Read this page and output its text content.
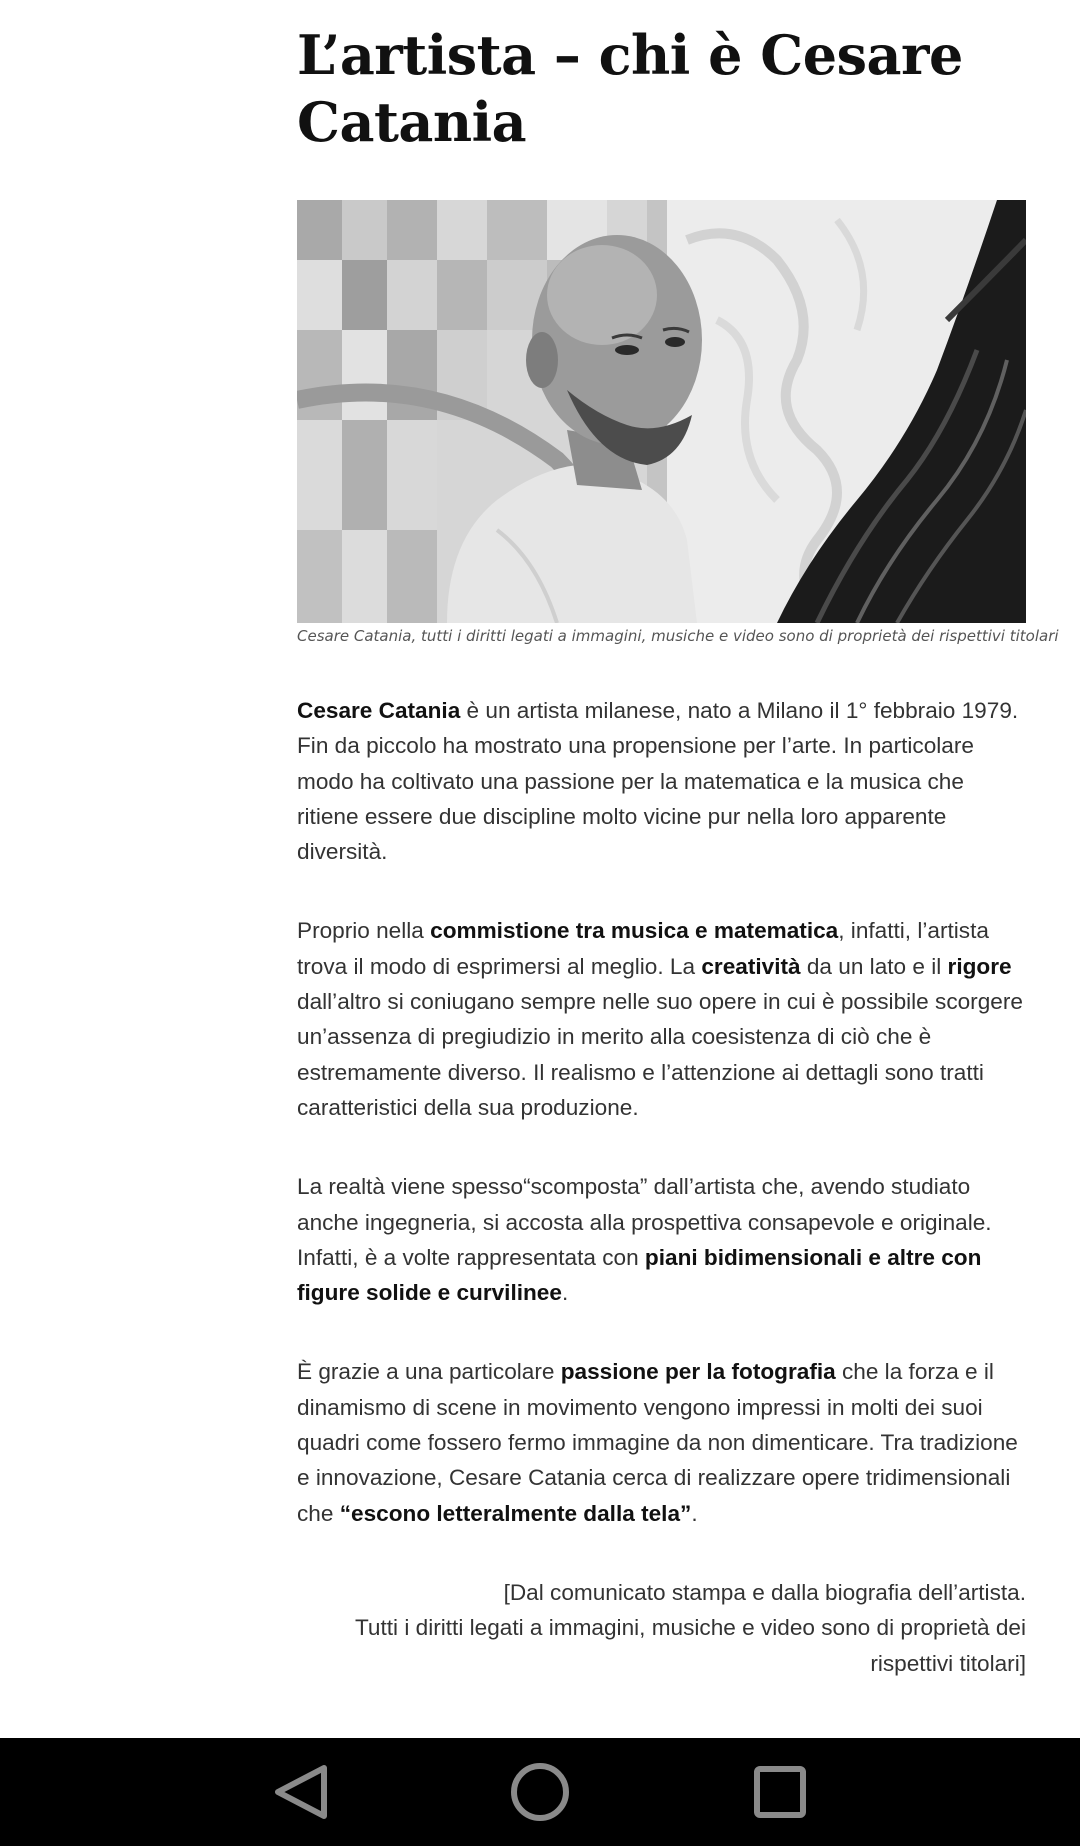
L’artista – chi è Cesare Catania
Cesare Catania, tutti i diritti legati a immagini, musiche e video sono di proprietà dei rispettivi titolari

Cesare Catania è un artista milanese, nato a Milano il 1° febbraio 1979. Fin da piccolo ha mostrato una propensione per l’arte. In particolare modo ha coltivato una passione per la matematica e la musica che ritiene essere due discipline molto vicine pur nella loro apparente diversità.

Proprio nella commistione tra musica e matematica, infatti, l’artista trova il modo di esprimersi al meglio. La creatività da un lato e il rigore dall’altro si coniugano sempre nelle suo opere in cui è possibile scorgere un’assenza di pregiudizio in merito alla coesistenza di ciò che è estremamente diverso. Il realismo e l’attenzione ai dettagli sono tratti caratteristici della sua produzione.

La realtà viene spesso“scomposta” dall’artista che, avendo studiato anche ingegneria, si accosta alla prospettiva consapevole e originale. Infatti, è a volte rappresentata con piani bidimensionali e altre con figure solide e curvilinee.

È grazie a una particolare passione per la fotografia che la forza e il dinamismo di scene in movimento vengono impressi in molti dei suoi quadri come fossero fermo immagine da non dimenticare. Tra tradizione e innovazione, Cesare Catania cerca di realizzare opere tridimensionali che “escono letteralmente dalla tela”.

[Dal comunicato stampa e dalla biografia dell’artista.
Tutti i diritti legati a immagini, musiche e video sono di proprietà dei rispettivi titolari]
